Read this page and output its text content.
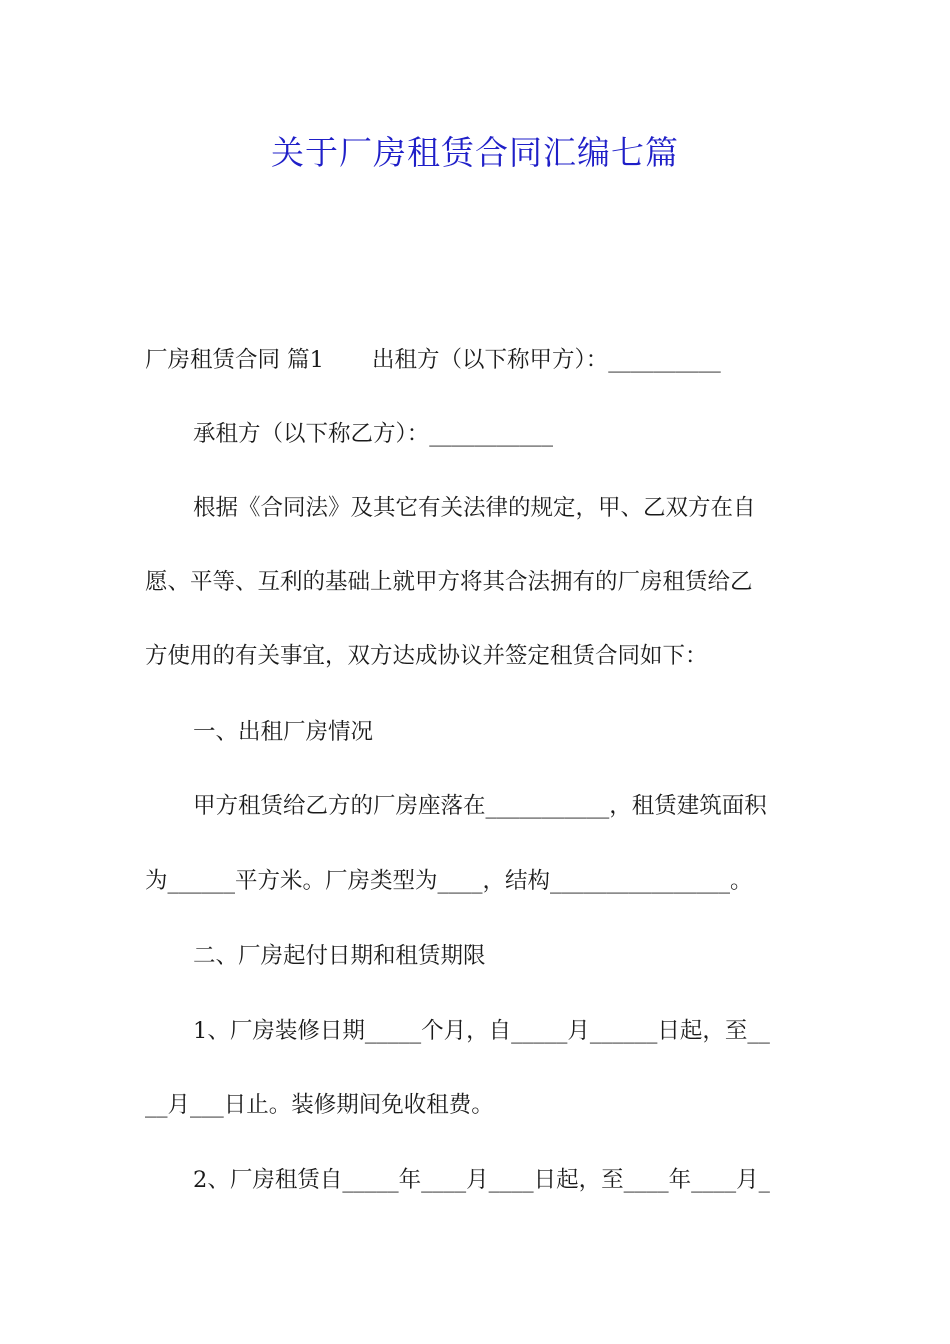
关于厂房租赁合同汇编七篇
厂房租赁合同 篇1 出租方（以下称甲方）：__________
承租方（以下称乙方）：___________
根据《合同法》及其它有关法律的规定，甲、乙双方在自
愿、平等、互利的基础上就甲方将其合法拥有的厂房租赁给乙
方使用的有关事宜，双方达成协议并签定租赁合同如下：
一、出租厂房情况
甲方租赁给乙方的厂房座落在___________，租赁建筑面积
为______平方米。厂房类型为____，结构________________。
二、厂房起付日期和租赁期限
1、厂房装修日期_____个月，自_____月______日起，至__
__月___日止。装修期间免收租费。
2、厂房租赁自_____年____月____日起，至____年____月_
